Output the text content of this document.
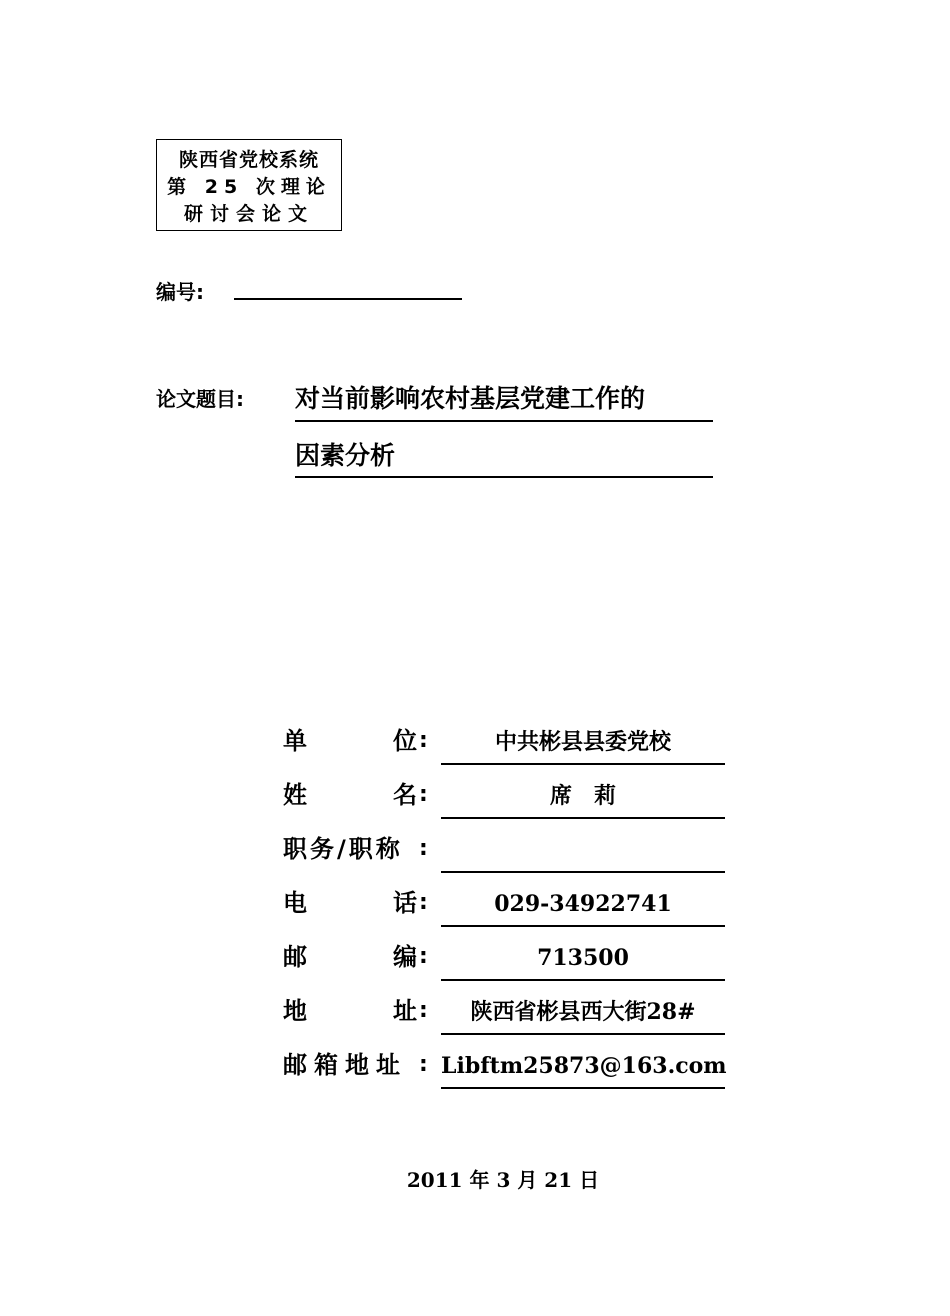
陕西省党校系统
第 25 次理论
研讨会论文
编号:
论文题目: 对当前影响农村基层党建工作的
因素分析
单	位 :	中共彬县县委党校
姓	名 :	席　莉
职务/职称 :
电	话 :	029-34922741
邮	编 :	713500
地	址 :	陕西省彬县西大街28#
邮箱地址 : Libftm25873@163.com
2011 年 3 月 21 日
